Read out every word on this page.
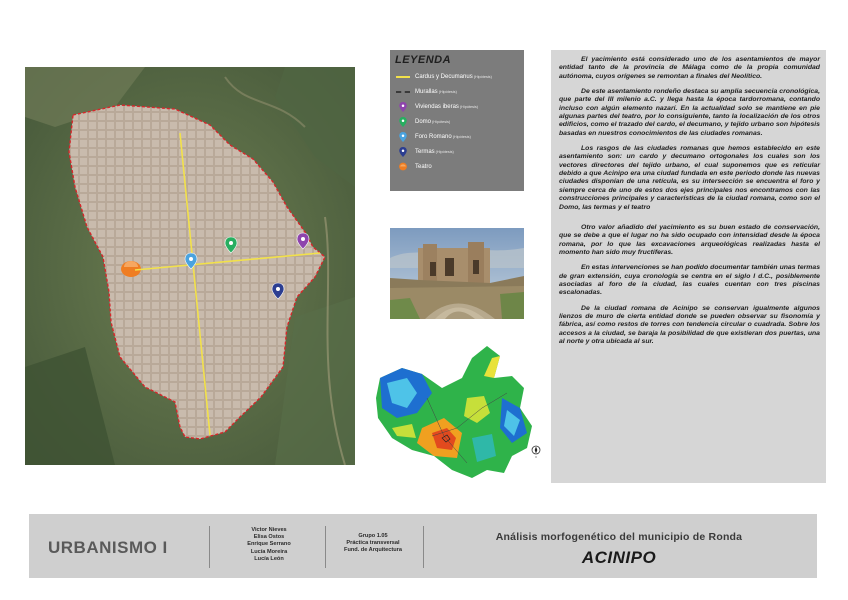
LEYENDA
Cardus y Decumanus (Hipótesis)
Murallas (Hipótesis)
Viviendas iberas (Hipótesis)
Domo (Hipótesis)
Foro Romano (Hipótesis)
Termas (Hipótesis)
Teatro

El yacimiento está considerado uno de los asentamientos de mayor entidad tanto de la provincia de Málaga como de la propia comunidad autónoma, cuyos orígenes se remontan a finales del Neolítico.

De este asentamiento rondeño destaca su amplia secuencia cronológica, que parte del III milenio a.C. y llega hasta la época tardorromana, contando incluso con algún elemento nazarí. En la actualidad solo se mantiene en pie algunas partes del teatro, por lo consiguiente, tanto la localización de los otros edificios, como el trazado del cardo, el decumano, y tejido urbano son hipótesis basadas en nuestros conocimientos de las ciudades romanas.

Los rasgos de las ciudades romanas que hemos establecido en este asentamiento son: un cardo y decumano ortogonales los cuales son los vectores directores del tejido urbano, el cual suponemos que es reticular debido a que Acinipo era una ciudad fundada en este periodo donde las nuevas ciudades disponían de una retícula, es su intersección se encuentra el foro y siempre cerca de uno de estos dos ejes principales nos encontramos con las construcciones principales y características de la ciudad romana, como son el Domo, las termas y el teatro

Otro valor añadido del yacimiento es su buen estado de conservación, que se debe a que el lugar no ha sido ocupado con intensidad desde la época romana, por lo que las excavaciones arqueológicas realizadas hasta el momento han sido muy fructíferas.

En estas intervenciones se han podido documentar también unas termas de gran extensión, cuya cronología se centra en el siglo I d.C., posiblemente asociadas al foro de la ciudad, las cuales cuentan con tres piscinas escalonadas.

De la ciudad romana de Acinipo se conservan igualmente algunos lienzos de muro de cierta entidad donde se pueden observar su fisonomía y fábrica, así como restos de torres con tendencia circular o cuadrada. Sobre los accesos a la ciudad, se baraja la posibilidad de que existieran dos puertas, una al norte y otra ubicada al sur.

URBANISMO I
Victor Nieves
Elisa Ostos
Enrique Serrano
Lucía Moreira
Lucía León
Grupo 1.05
Práctica transversal
Fund. de Arquitectura
Análisis morfogenético del municipio de Ronda
ACINIPO
